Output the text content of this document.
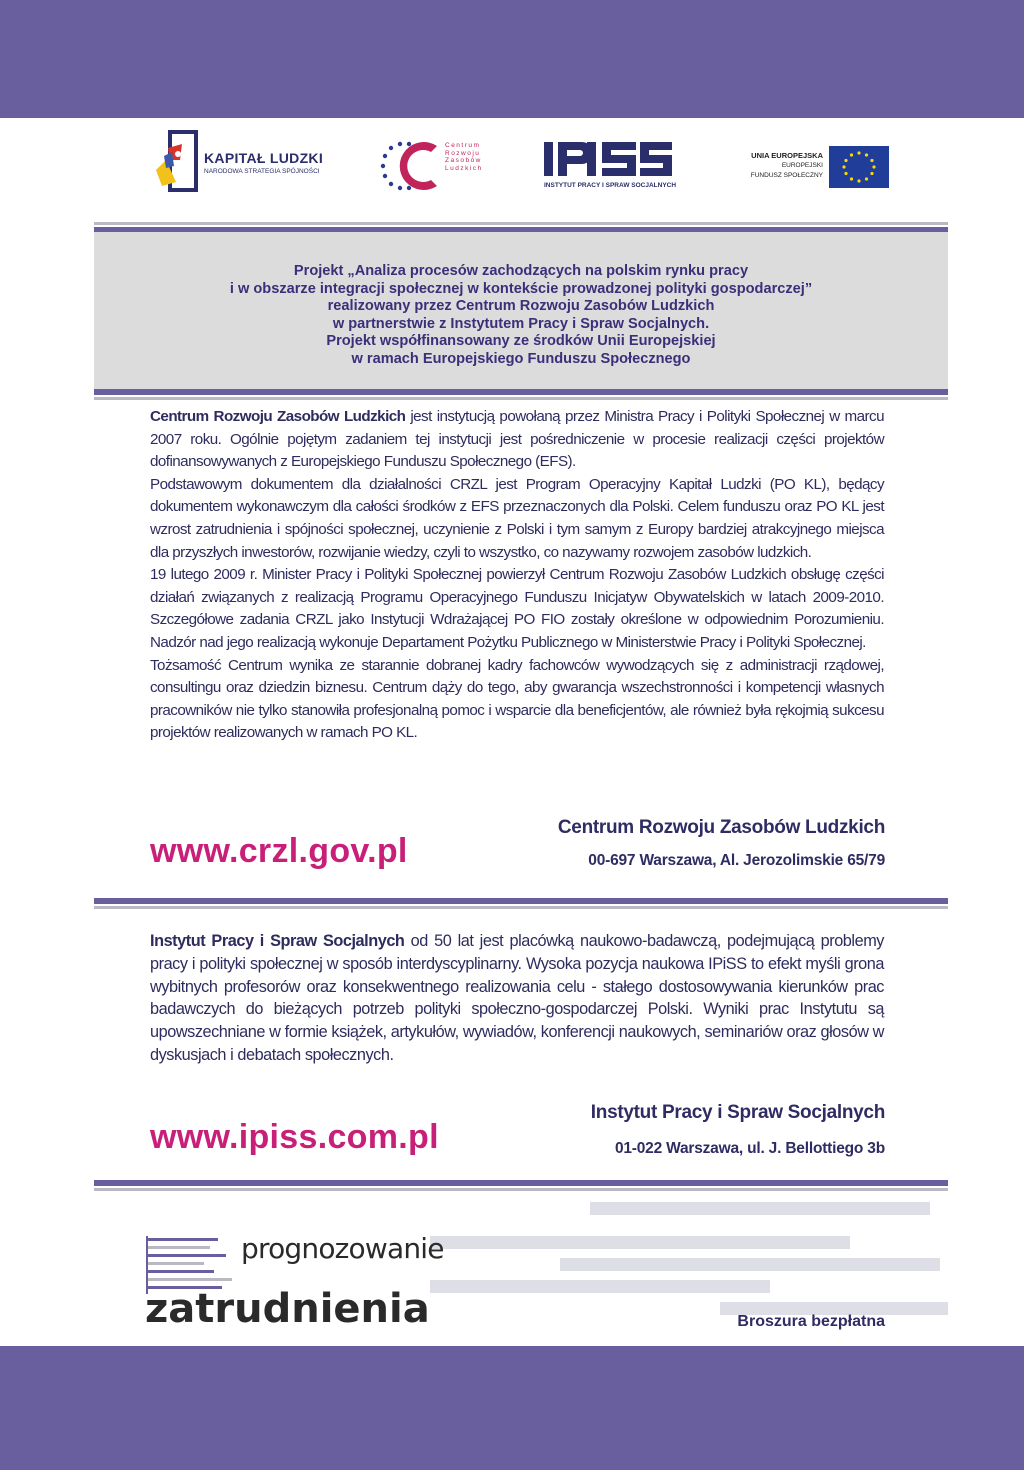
KAPITAŁ LUDZKI
NARODOWA STRATEGIA SPÓJNOŚCI
Centrum
Rozwoju
Zasobów
Ludzkich
INSTYTUT PRACY I SPRAW SOCJALNYCH
UNIA EUROPEJSKA
EUROPEJSKI
FUNDUSZ SPOŁECZNY
Projekt „Analiza procesów zachodzących na polskim rynku pracy
i w obszarze integracji społecznej w kontekście prowadzonej polityki gospodarczej”
realizowany przez Centrum Rozwoju Zasobów Ludzkich
w partnerstwie z Instytutem Pracy i Spraw Socjalnych.
Projekt współfinansowany ze środków Unii Europejskiej
w ramach Europejskiego Funduszu Społecznego

Centrum Rozwoju Zasobów Ludzkich jest instytucją powołaną przez Ministra Pracy i Polityki Społecznej w marcu 2007 roku. Ogólnie pojętym zadaniem tej instytucji jest pośredniczenie w procesie realizacji części projektów dofinansowywanych z Europejskiego Funduszu Społecznego (EFS).

Podstawowym dokumentem dla działalności CRZL jest Program Operacyjny Kapitał Ludzki (PO KL), będący dokumentem wykonawczym dla całości środków z EFS przeznaczonych dla Polski. Celem funduszu oraz PO KL jest wzrost zatrudnienia i spójności społecznej, uczynienie z Polski i tym samym z Europy bardziej atrakcyjnego miejsca dla przyszłych inwestorów, rozwijanie wiedzy, czyli to wszystko, co nazywamy rozwojem zasobów ludzkich.

19 lutego 2009 r. Minister Pracy i Polityki Społecznej powierzył Centrum Rozwoju Zasobów Ludzkich obsługę części działań związanych z realizacją Programu Operacyjnego Funduszu Inicjatyw Obywatelskich w latach 2009-2010. Szczegółowe zadania CRZL jako Instytucji Wdrażającej PO FIO zostały określone w odpowiednim Porozumieniu. Nadzór nad jego realizacją wykonuje Departament Pożytku Publicznego w Ministerstwie Pracy i Polityki Społecznej.

Tożsamość Centrum wynika ze starannie dobranej kadry fachowców wywodzących się z administracji rządowej, consultingu oraz dziedzin biznesu. Centrum dąży do tego, aby gwarancja wszechstronności i kompetencji własnych pracowników nie tylko stanowiła profesjonalną pomoc i wsparcie dla beneficjentów, ale również była rękojmią sukcesu projektów realizowanych w ramach PO KL.

www.crzl.gov.pl
Centrum Rozwoju Zasobów Ludzkich
00-697 Warszawa, Al. Jerozolimskie 65/79

Instytut Pracy i Spraw Socjalnych od 50 lat jest placówką naukowo-badawczą, podejmującą problemy pracy i polityki społecznej w sposób interdyscyplinarny. Wysoka pozycja naukowa IPiSS to efekt myśli grona wybitnych profesorów oraz konsekwentnego realizowania celu - stałego dostosowywania kierunków prac badawczych do bieżących potrzeb polityki społeczno-gospodarczej Polski. Wyniki prac Instytutu są upowszechniane w formie książek, artykułów, wywiadów, konferencji naukowych, seminariów oraz głosów w dyskusjach i debatach społecznych.

www.ipiss.com.pl
Instytut Pracy i Spraw Socjalnych
01-022 Warszawa, ul. J. Bellottiego 3b
prognozowanie
zatrudnienia	Broszura bezpłatna
